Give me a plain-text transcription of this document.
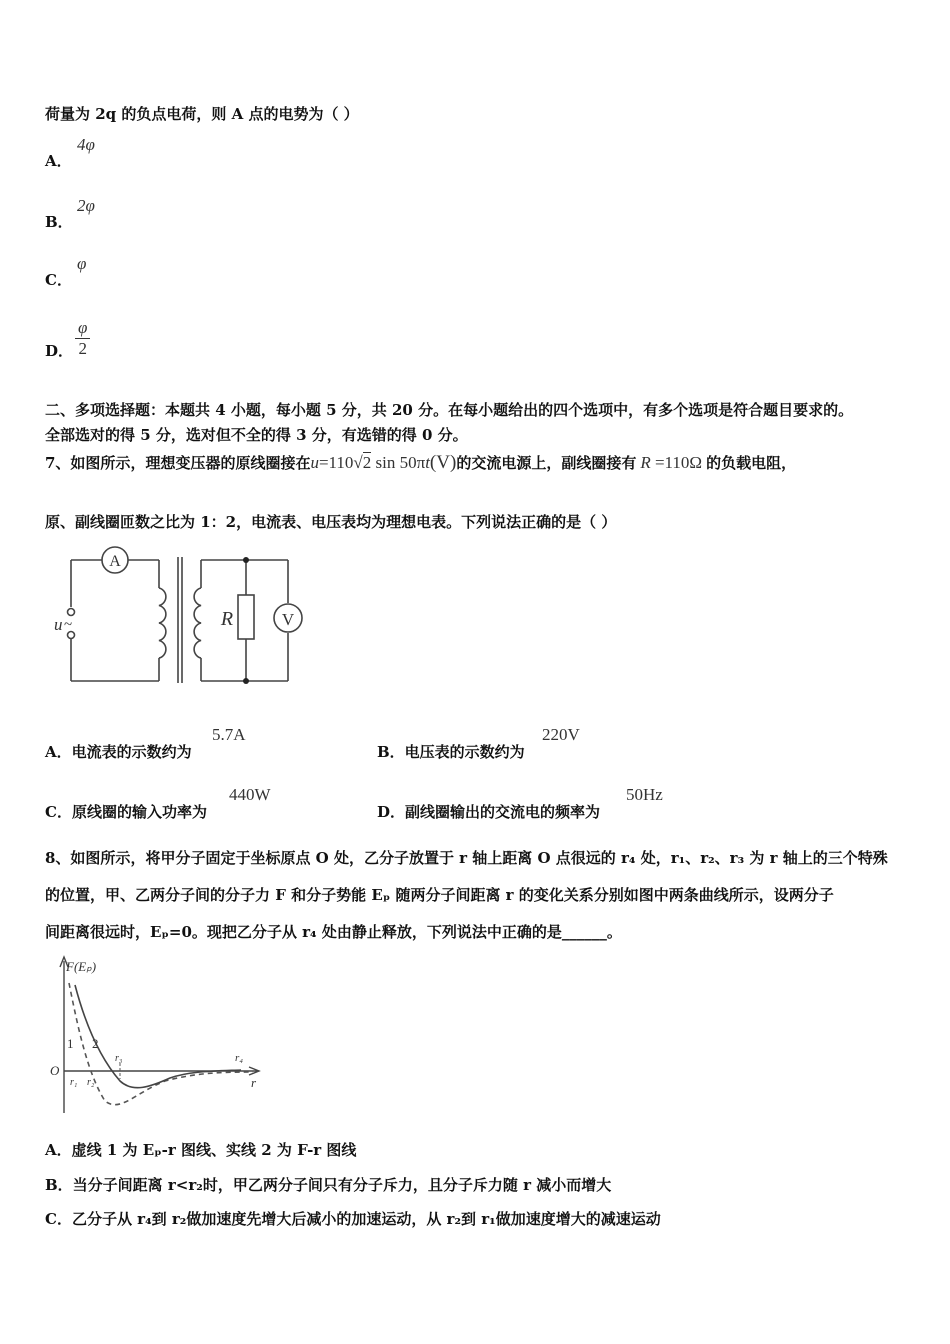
荷量为 2q 的负点电荷，则 A 点的电势为（ ）
A．
4φ
B．
2φ
C．
φ
D． $\frac{\varphi}{2}$
二、多项选择题：本题共 4 小题，每小题 5 分，共 20 分。在每小题给出的四个选项中，有多个选项是符合题目要求的。
全部选对的得 5 分，选对但不全的得 3 分，有选错的得 0 分。
7、如图所示，理想变压器的原线圈接在u=110√2 sin 50πt(V)的交流电源上，副线圈接有 R =110Ω 的负载电阻，
原、副线圈匝数之比为 1：2，电流表、电压表均为理想电表。下列说法正确的是（ ）
A
V
R
u ~
A．电流表的示数约为
5.7A
B．电压表的示数约为
220V
C．原线圈的输入功率为
440W
D．副线圈输出的交流电的频率为
50Hz
8、如图所示，将甲分子固定于坐标原点 O 处，乙分子放置于 r 轴上距离 O 点很远的 r₄ 处，r₁、r₂、r₃ 为 r 轴上的三个特殊
的位置，甲、乙两分子间的分子力 F 和分子势能 Eₚ 随两分子间距离 r 的变化关系分别如图中两条曲线所示，设两分子
间距离很远时，Eₚ=0。现把乙分子从 r₄ 处由静止释放，下列说法中正确的是______。
F(Eₚ)
O
r
1 2
r₁ r₂
r₃	r₄
A．虚线 1 为 Eₚ-r 图线、实线 2 为 F-r 图线
B．当分子间距离 r<r₂时，甲乙两分子间只有分子斥力，且分子斥力随 r 减小而增大
C．乙分子从 r₄到 r₂做加速度先增大后减小的加速运动，从 r₂到 r₁做加速度增大的减速运动
